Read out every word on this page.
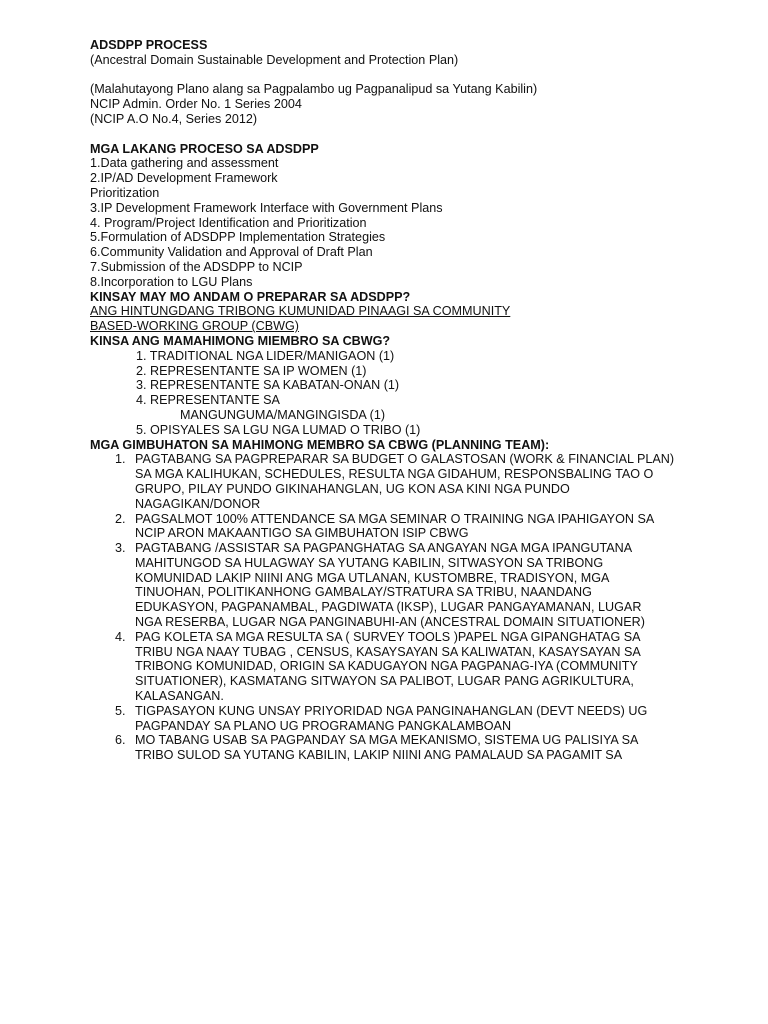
ADSDPP PROCESS
(Ancestral Domain Sustainable Development and Protection Plan)
(Malahutayong Plano alang sa Pagpalambo ug Pagpanalipud sa Yutang Kabilin)
NCIP Admin. Order No. 1 Series 2004
(NCIP A.O No.4, Series 2012)
MGA LAKANG PROCESO SA ADSDPP
1.Data gathering and assessment
2.IP/AD Development Framework
Prioritization
3.IP Development Framework Interface with Government Plans
4. Program/Project Identification and Prioritization
5.Formulation of ADSDPP Implementation Strategies
6.Community Validation and Approval of Draft Plan
7.Submission of the ADSDPP to NCIP
8.Incorporation to LGU Plans
KINSAY MAY MO ANDAM O PREPARAR SA ADSDPP?
ANG HINTUNGDANG TRIBONG KUMUNIDAD PINAAGI SA COMMUNITY
BASED-WORKING GROUP (CBWG)
KINSA ANG MAMAHIMONG MIEMBRO SA CBWG?
1. TRADITIONAL NGA LIDER/MANIGAON (1)
2. REPRESENTANTE SA IP WOMEN (1)
3. REPRESENTANTE SA KABATAN-ONAN (1)
4. REPRESENTANTE SA
MANGUNGUMA/MANGINGISDA (1)
5. OPISYALES SA LGU NGA LUMAD O TRIBO (1)
MGA GIMBUHATON SA MAHIMONG MEMBRO SA CBWG (PLANNING TEAM):
1. PAGTABANG SA PAGPREPARAR SA BUDGET O GALASTOSAN (WORK & FINANCIAL PLAN)
SA MGA KALIHUKAN, SCHEDULES, RESULTA NGA GIDAHUM, RESPONSBALING TAO O
GRUPO, PILAY PUNDO GIKINAHANGLAN, UG KON ASA KINI NGA PUNDO
NAGAGIKAN/DONOR
2. PAGSALMOT 100% ATTENDANCE SA MGA SEMINAR O TRAINING NGA IPAHIGAYON SA
NCIP ARON MAKAANTIGO SA GIMBUHATON ISIP CBWG
3. PAGTABANG /ASSISTAR SA PAGPANGHATAG SA ANGAYAN NGA MGA IPANGUTANA
MAHITUNGOD SA HULAGWAY SA YUTANG KABILIN, SITWASYON SA TRIBONG
KOMUNIDAD LAKIP NIINI ANG MGA UTLANAN, KUSTOMBRE, TRADISYON, MGA
TINUOHAN, POLITIKANHONG GAMBALAY/STRATURA SA TRIBU, NAANDANG
EDUKASYON, PAGPANAMBAL, PAGDIWATA (IKSP), LUGAR PANGAYAMANAN, LUGAR
NGA RESERBA, LUGAR NGA PANGINABUHI-AN (ANCESTRAL DOMAIN SITUATIONER)
4. PAG KOLETA SA MGA RESULTA SA ( SURVEY TOOLS )PAPEL NGA GIPANGHATAG SA
TRIBU NGA NAAY TUBAG , CENSUS, KASAYSAYAN SA KALIWATAN, KASAYSAYAN SA
TRIBONG KOMUNIDAD, ORIGIN SA KADUGAYON NGA PAGPANAG-IYA (COMMUNITY
SITUATIONER), KASMATANG SITWAYON SA PALIBOT, LUGAR PANG AGRIKULTURA,
KALASANGAN.
5. TIGPASAYON KUNG UNSAY PRIYORIDAD NGA PANGINAHANGLAN (DEVT NEEDS) UG
PAGPANDAY SA PLANO UG PROGRAMANG PANGKALAMBOAN
6. MO TABANG USAB SA PAGPANDAY SA MGA MEKANISMO, SISTEMA UG PALISIYA SA
TRIBO SULOD SA YUTANG KABILIN, LAKIP NIINI ANG PAMALAUD SA PAGAMIT SA
